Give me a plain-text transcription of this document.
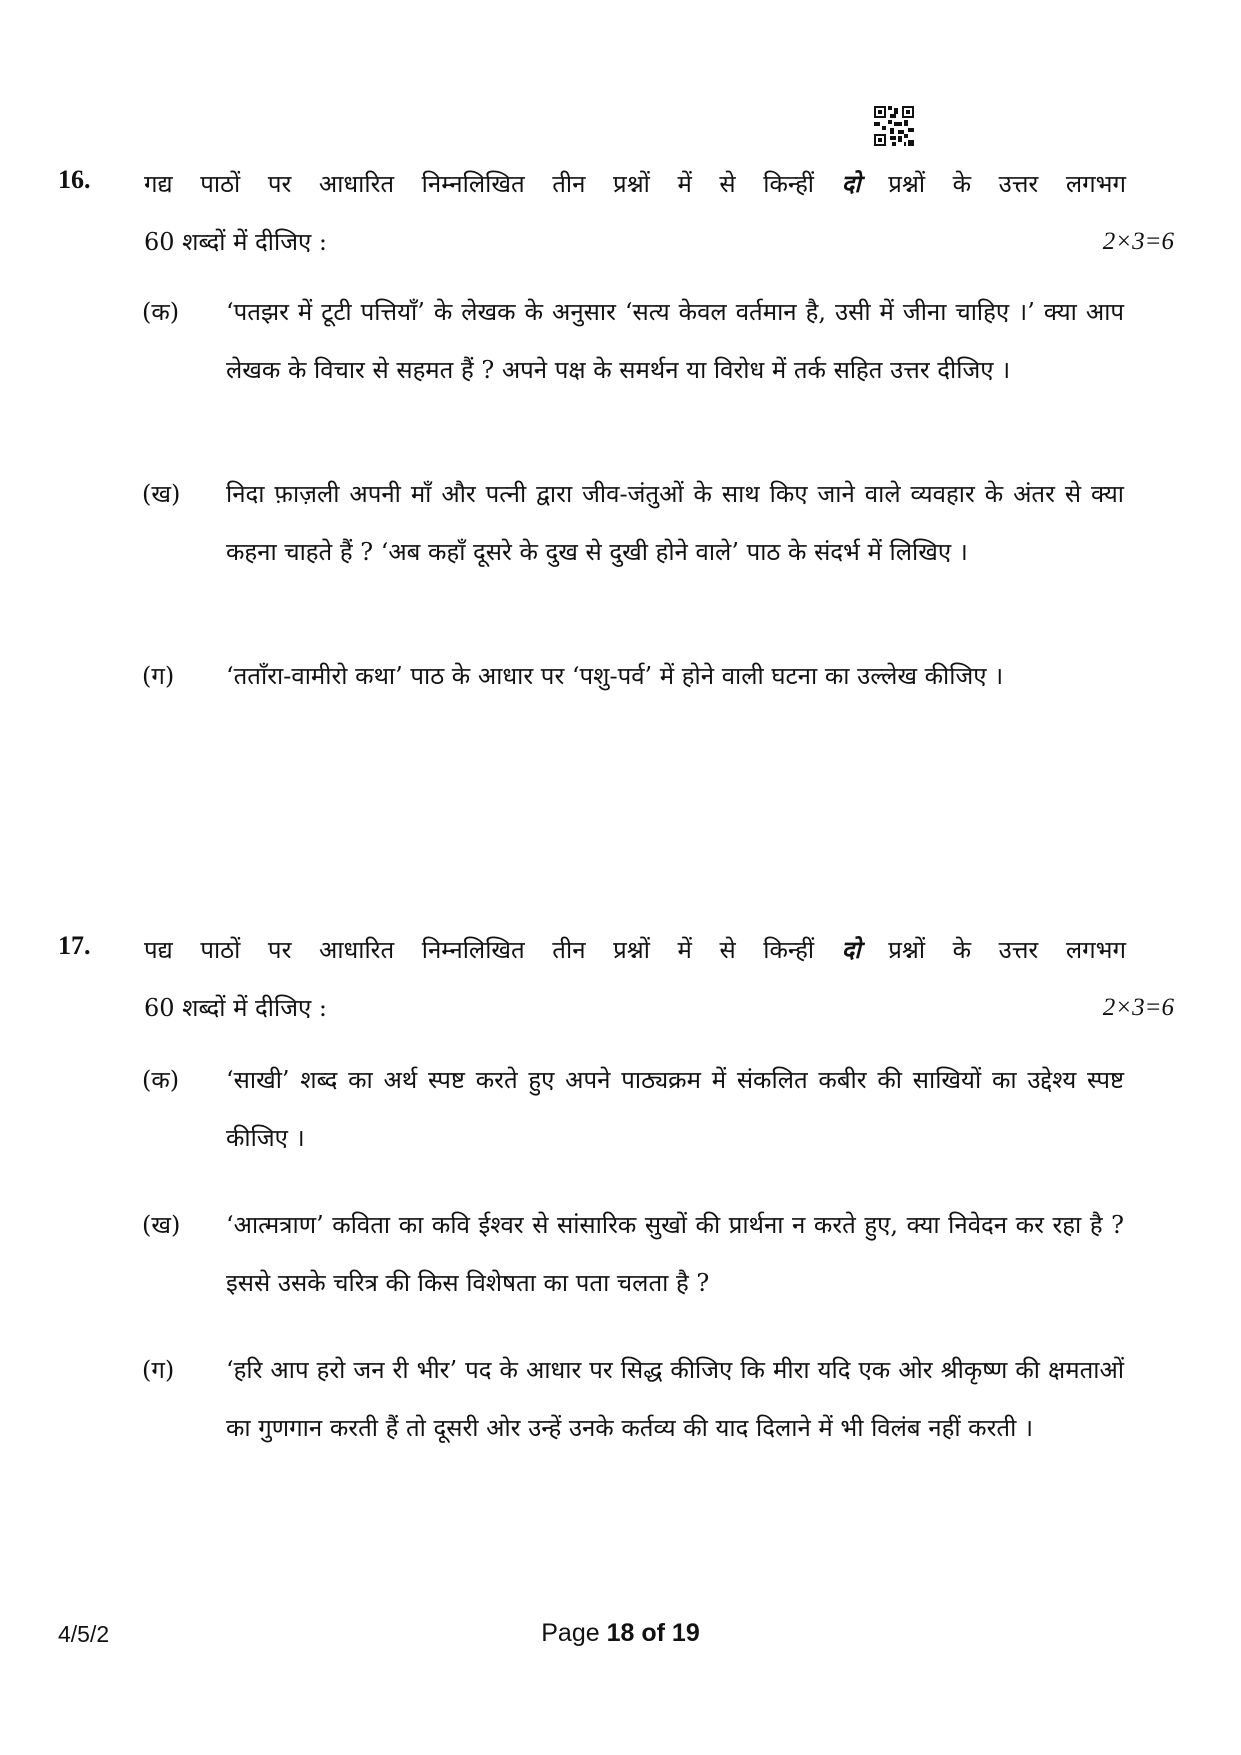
16. गद्य पाठों पर आधारित निम्नलिखित तीन प्रश्नों में से किन्हीं दो प्रश्नों के उत्तर लगभग
60 शब्दों में दीजिए :	2×3=6
(क) ‘पतझर में टूटी पत्तियाँ’ के लेखक के अनुसार ‘सत्य केवल वर्तमान है, उसी में जीना चाहिए ।’ क्या आप लेखक के विचार से सहमत हैं ? अपने पक्ष के समर्थन या विरोध में तर्क सहित उत्तर दीजिए ।
(ख) निदा फ़ाज़ली अपनी माँ और पत्नी द्वारा जीव-जंतुओं के साथ किए जाने वाले व्यवहार के अंतर से क्या कहना चाहते हैं ? ‘अब कहाँ दूसरे के दुख से दुखी होने वाले’ पाठ के संदर्भ में लिखिए ।
(ग) ‘तताँरा-वामीरो कथा’ पाठ के आधार पर ‘पशु-पर्व’ में होने वाली घटना का उल्लेख कीजिए ।
17. पद्य पाठों पर आधारित निम्नलिखित तीन प्रश्नों में से किन्हीं दो प्रश्नों के उत्तर लगभग
60 शब्दों में दीजिए :	2×3=6
(क) ‘साखी’ शब्द का अर्थ स्पष्ट करते हुए अपने पाठ्यक्रम में संकलित कबीर की साखियों का उद्देश्य स्पष्ट कीजिए ।
(ख) ‘आत्मत्राण’ कविता का कवि ईश्वर से सांसारिक सुखों की प्रार्थना न करते हुए, क्या निवेदन कर रहा है ? इससे उसके चरित्र की किस विशेषता का पता चलता है ?
(ग) ‘हरि आप हरो जन री भीर’ पद के आधार पर सिद्ध कीजिए कि मीरा यदि एक ओर श्रीकृष्ण की क्षमताओं का गुणगान करती हैं तो दूसरी ओर उन्हें उनके कर्तव्य की याद दिलाने में भी विलंब नहीं करती ।
4/5/2	Page 18 of 19
